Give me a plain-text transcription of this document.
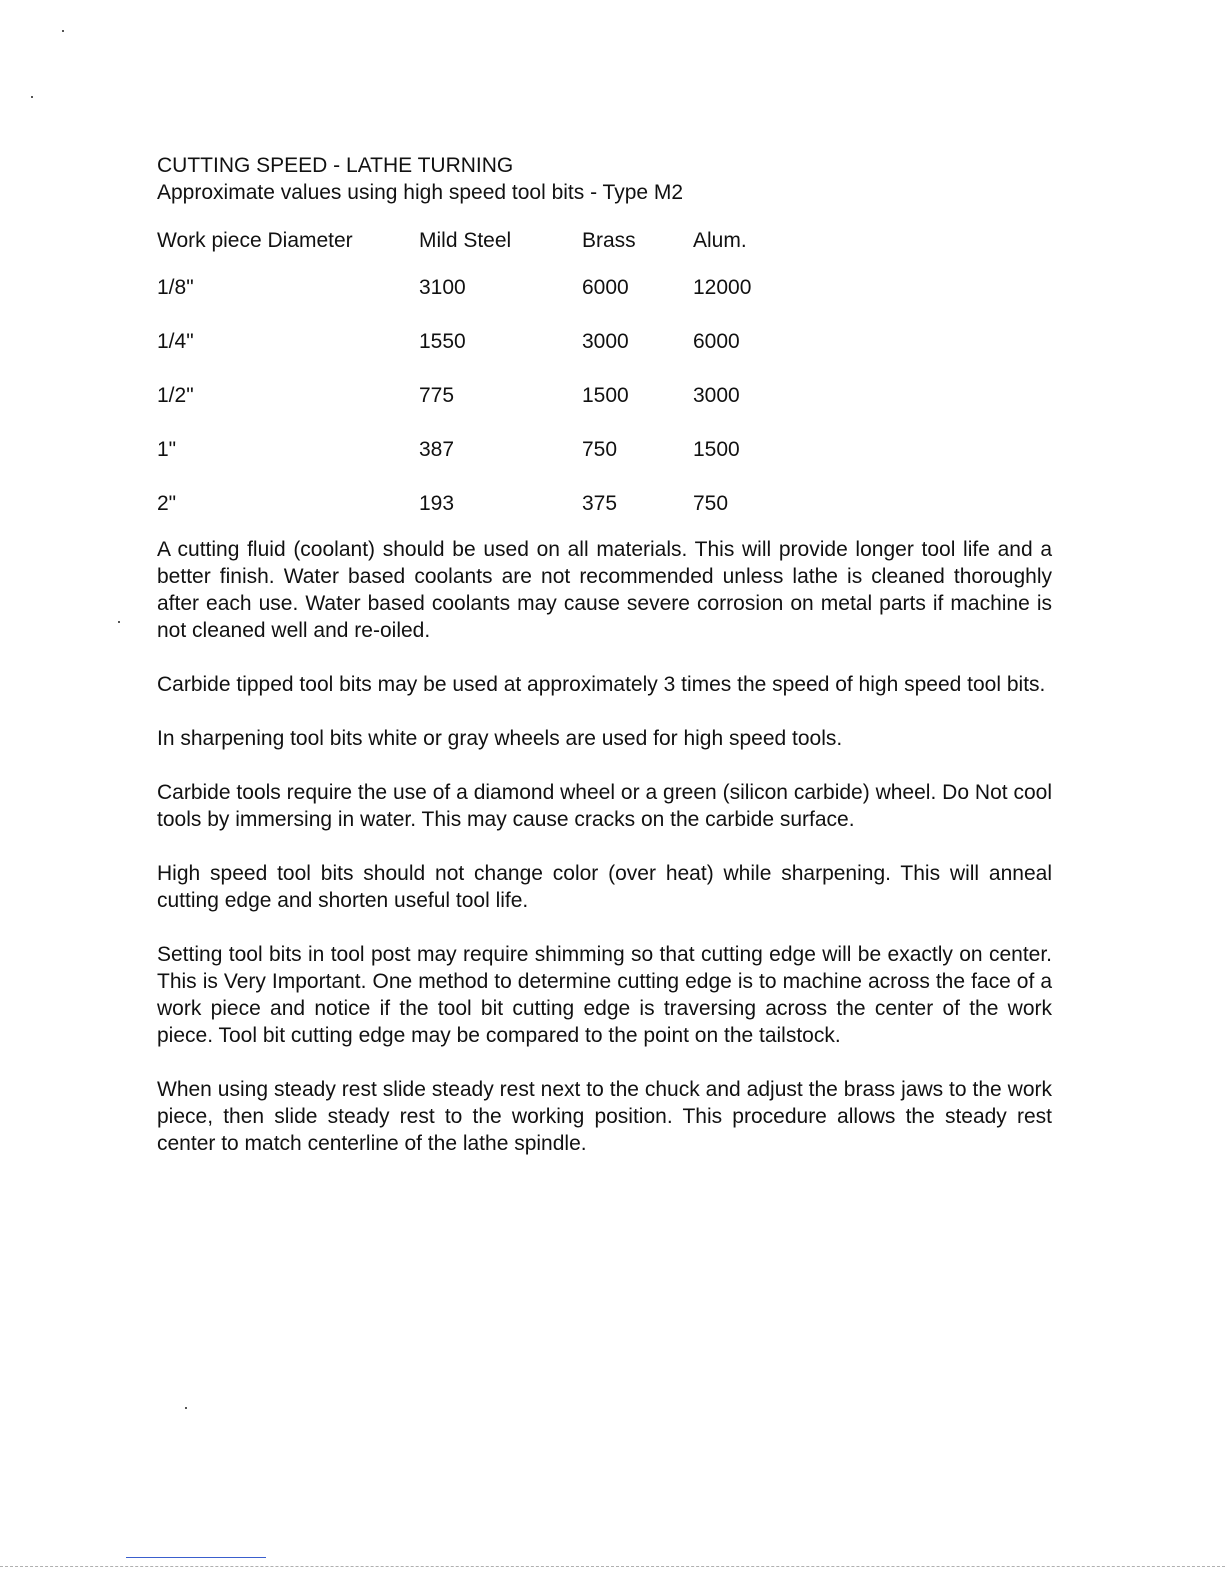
CUTTING SPEED - LATHE TURNING
Approximate values using high speed tool bits - Type M2
Work piece Diameter	Mild Steel	Brass	Alum.
1/8"	3100	6000	12000
1/4"	1550	3000	6000
1/2"	775	1500	3000
1"	387	750	1500
2"	193	375	750

A cutting fluid (coolant) should be used on all materials. This will provide longer tool life and a better finish. Water based coolants are not recommended unless lathe is cleaned thoroughly after each use. Water based coolants may cause severe corrosion on metal parts if machine is not cleaned well and re-oiled.

Carbide tipped tool bits may be used at approximately 3 times the speed of high speed tool bits.

In sharpening tool bits white or gray wheels are used for high speed tools.

Carbide tools require the use of a diamond wheel or a green (silicon carbide) wheel. Do Not cool tools by immersing in water. This may cause cracks on the carbide surface.

High speed tool bits should not change color (over heat) while sharpening. This will anneal cutting edge and shorten useful tool life.

Setting tool bits in tool post may require shimming so that cutting edge will be exactly on center. This is Very Important. One method to determine cutting edge is to machine across the face of a work piece and notice if the tool bit cutting edge is traversing across the center of the work piece. Tool bit cutting edge may be compared to the point on the tailstock.

When using steady rest slide steady rest next to the chuck and adjust the brass jaws to the work piece, then slide steady rest to the working position. This procedure allows the steady rest center to match centerline of the lathe spindle.
